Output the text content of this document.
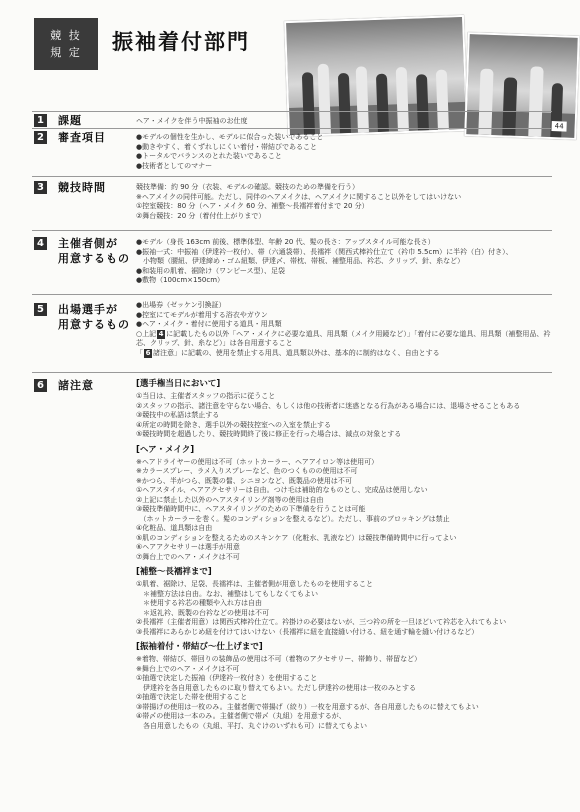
競 技
規 定	振袖着付部門
44
1 課題	ヘア・メイクを伴う中振袖のお仕度
2 審査項目	●モデルの個性を生かし、モデルに似合った装いであること
●動きやすく、着くずれしにくい着付・帯結びであること
●トータルでバランスのとれた装いであること
●技術者としてのマナー
3 競技時間	競技準備：約 90 分（衣装、モデルの確認。競技のための準備を行う）
※ヘアメイクの同伴可能。ただし、同伴のヘアメイクは、ヘアメイクに関すること以外をしてはいけない
①控室競技：80 分（ヘア・メイク 60 分、補整〜長襦袢着付まで 20 分）
②舞台競技：20 分（着付仕上がりまで）
4 主催者側が
用意するもの
●モデル（身長 163cm 前後、標準体型、年齢 20 代、髪の長さ：アップスタイル可能な長さ）
●振袖一式：中振袖（伊達衿一枚付）、帯（六通袋帯）、長襦袢（関西式棒衿仕立て（衿巾 5.5cm）に半衿（白）付き）、
　小物類（腰紐、伊達締め・ゴム紐類、伊達〆、帯枕、帯板、補整用品、衿芯、クリップ、針、糸など）
●和装用の肌着、裾除け（ワンピース型）、足袋
●敷物（100cm×150cm）
5 出場選手が
用意するもの
●出場券（ゼッケン引換証）
●控室にてモデルが着用する浴衣やガウン
●ヘア・メイク・着付に使用する道具・用具類
○上記 4 に記載したもの以外「ヘア・メイクに必要な道具、用具類（メイク用鏡など）」「着付に必要な道具、用具類（補整用品、衿芯、クリップ、針、糸など）」は各自用意すること
「 6 諸注意」に記載の、使用を禁止する用具、道具類以外は、基本的に制約はなく、自由とする
6 諸注意	[選手権当日において]
①当日は、主催者スタッフの指示に従うこと
②スタッフの指示、諸注意を守らない場合、もしくは他の技術者に迷惑となる行為がある場合には、退場させることもある
③競技中の私語は禁止する
④所定の時間を除き、選手以外の競技控室への入室を禁止する
⑤競技時間を超過したり、競技時間終了後に修正を行った場合は、減点の対象とする
[ヘア・メイク]
※ヘアドライヤーの使用は不可（ホットカーラー、ヘアアイロン等は使用可）
※カラースプレー、ラメ入りスプレーなど、色のつくものの使用は不可
※かつら、半がつら、既製の髷、シニヨンなど、既製品の使用は不可
①ヘアスタイル、ヘアアクセサリーは自由。つけ毛は補助的なものとし、完成品は使用しない
②上記に禁止した以外のヘアスタイリング剤等の使用は自由
③競技準備時間中に、ヘアスタイリングのための下準備を行うことは可能
　（ホットカーラーを巻く。髪のコンディションを整えるなど）。ただし、事前のブロッキングは禁止
④化粧品、道具類は自由
⑤肌のコンディションを整えるためのスキンケア（化粧水、乳液など）は競技準備時間中に行ってよい
⑥ヘアアクセサリーは選手が用意
⑦舞台上でのヘア・メイクは不可
[補整〜長襦袢まで]
①肌着、裾除け、足袋、長襦袢は、主催者側が用意したものを使用すること
　＊補整方法は自由。なお、補整はしてもしなくてもよい
　＊使用する衿芯の種類や入れ方は自由
　＊返礼衿、既製の台衿などの使用は不可
②長襦袢（主催者用意）は関西式棒衿仕立て。衿掛けの必要はないが、三つ衿の所を一旦ほどいて衿芯を入れてもよい
③長襦袢にあらかじめ紐を付けてはいけない（長襦袢に紐を直接縫い付ける、紐を通す輪を縫い付けるなど）
[振袖着付・帯結び〜仕上げまで]
※着物、帯結び、帯回りの装飾品の使用は不可（着物のアクセサリー、帯飾り、帯留など）
※舞台上でのヘア・メイクは不可
①抽選で決定した振袖（伊達衿一枚付き）を使用すること
　伊達衿を各自用意したものに取り替えてもよい。ただし伊達衿の使用は一枚のみとする
②抽選で決定した帯を使用すること
③帯揚げの使用は一枚のみ。主催者側で帯揚げ（絞り）一枚を用意するが、各自用意したものに替えてもよい
④帯〆の使用は一本のみ。主催者側で帯〆（丸組）を用意するが、
　各自用意したもの（丸組、平打、丸ぐけのいずれも可）に替えてもよい
